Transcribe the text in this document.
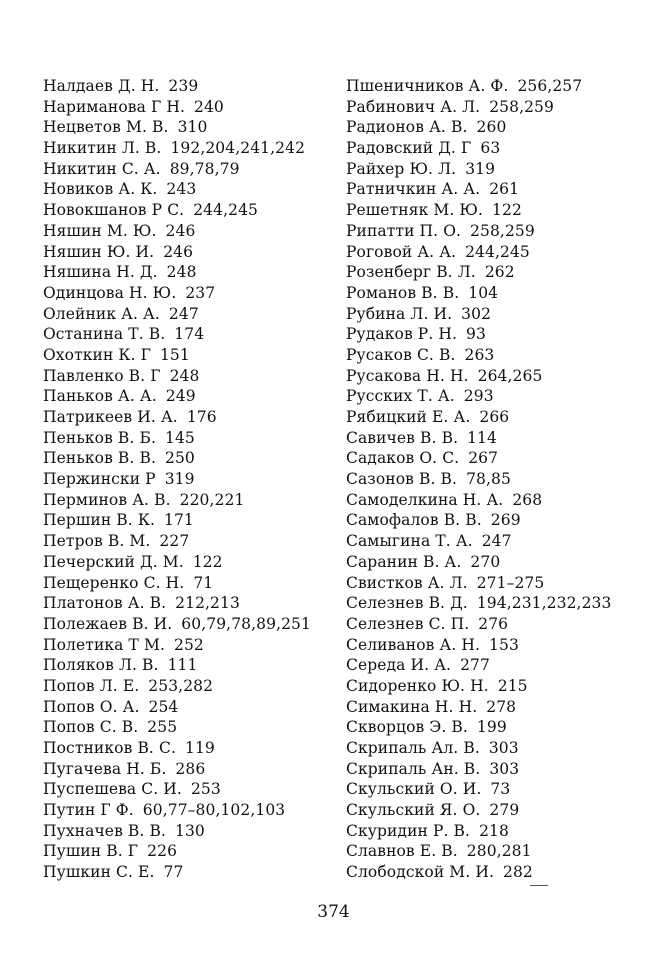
Налдаев Д. Н. 239
Нариманова Г Н. 240
Нецветов М. В. 310
Никитин Л. В. 192,204,241,242
Никитин С. А. 89,78,79
Новиков А. К. 243
Новокшанов Р С. 244,245
Няшин М. Ю. 246
Няшин Ю. И. 246
Няшина Н. Д. 248
Одинцова Н. Ю. 237
Олейник А. А. 247
Останина Т. В. 174
Охоткин К. Г 151
Павленко В. Г 248
Паньков А. А. 249
Патрикеев И. А. 176
Пеньков В. Б. 145
Пеньков В. В. 250
Пержински Р 319
Перминов А. В. 220,221
Першин В. К. 171
Петров В. М. 227
Печерский Д. М. 122
Пещеренко С. Н. 71
Платонов А. В. 212,213
Полежаев В. И. 60,79,78,89,251
Полетика Т М. 252
Поляков Л. В. 111
Попов Л. Е. 253,282
Попов О. А. 254
Попов С. В. 255
Постников В. С. 119
Пугачева Н. Б. 286
Пуспешева С. И. 253
Путин Г Ф. 60,77–80,102,103
Пухначев В. В. 130
Пушин В. Г 226
Пушкин С. Е. 77
Пшеничников А. Ф. 256,257
Рабинович А. Л. 258,259
Радионов А. В. 260
Радовский Д. Г 63
Райхер Ю. Л. 319
Ратничкин А. А. 261
Решетняк М. Ю. 122
Рипатти П. О. 258,259
Роговой А. А. 244,245
Розенберг В. Л. 262
Романов В. В. 104
Рубина Л. И. 302
Рудаков Р. Н. 93
Русаков С. В. 263
Русакова Н. Н. 264,265
Русских Т. А. 293
Рябицкий Е. А. 266
Савичев В. В. 114
Садаков О. С. 267
Сазонов В. В. 78,85
Самоделкина Н. А. 268
Самофалов В. В. 269
Самыгина Т. А. 247
Саранин В. А. 270
Свистков А. Л. 271–275
Селезнев В. Д. 194,231,232,233
Селезнев С. П. 276
Селиванов А. Н. 153
Середа И. А. 277
Сидоренко Ю. Н. 215
Симакина Н. Н. 278
Скворцов Э. В. 199
Скрипаль Ал. В. 303
Скрипаль Ан. В. 303
Скульский О. И. 73
Скульский Я. О. 279
Скуридин Р. В. 218
Славнов Е. В. 280,281
Слободской М. И. 282
374
